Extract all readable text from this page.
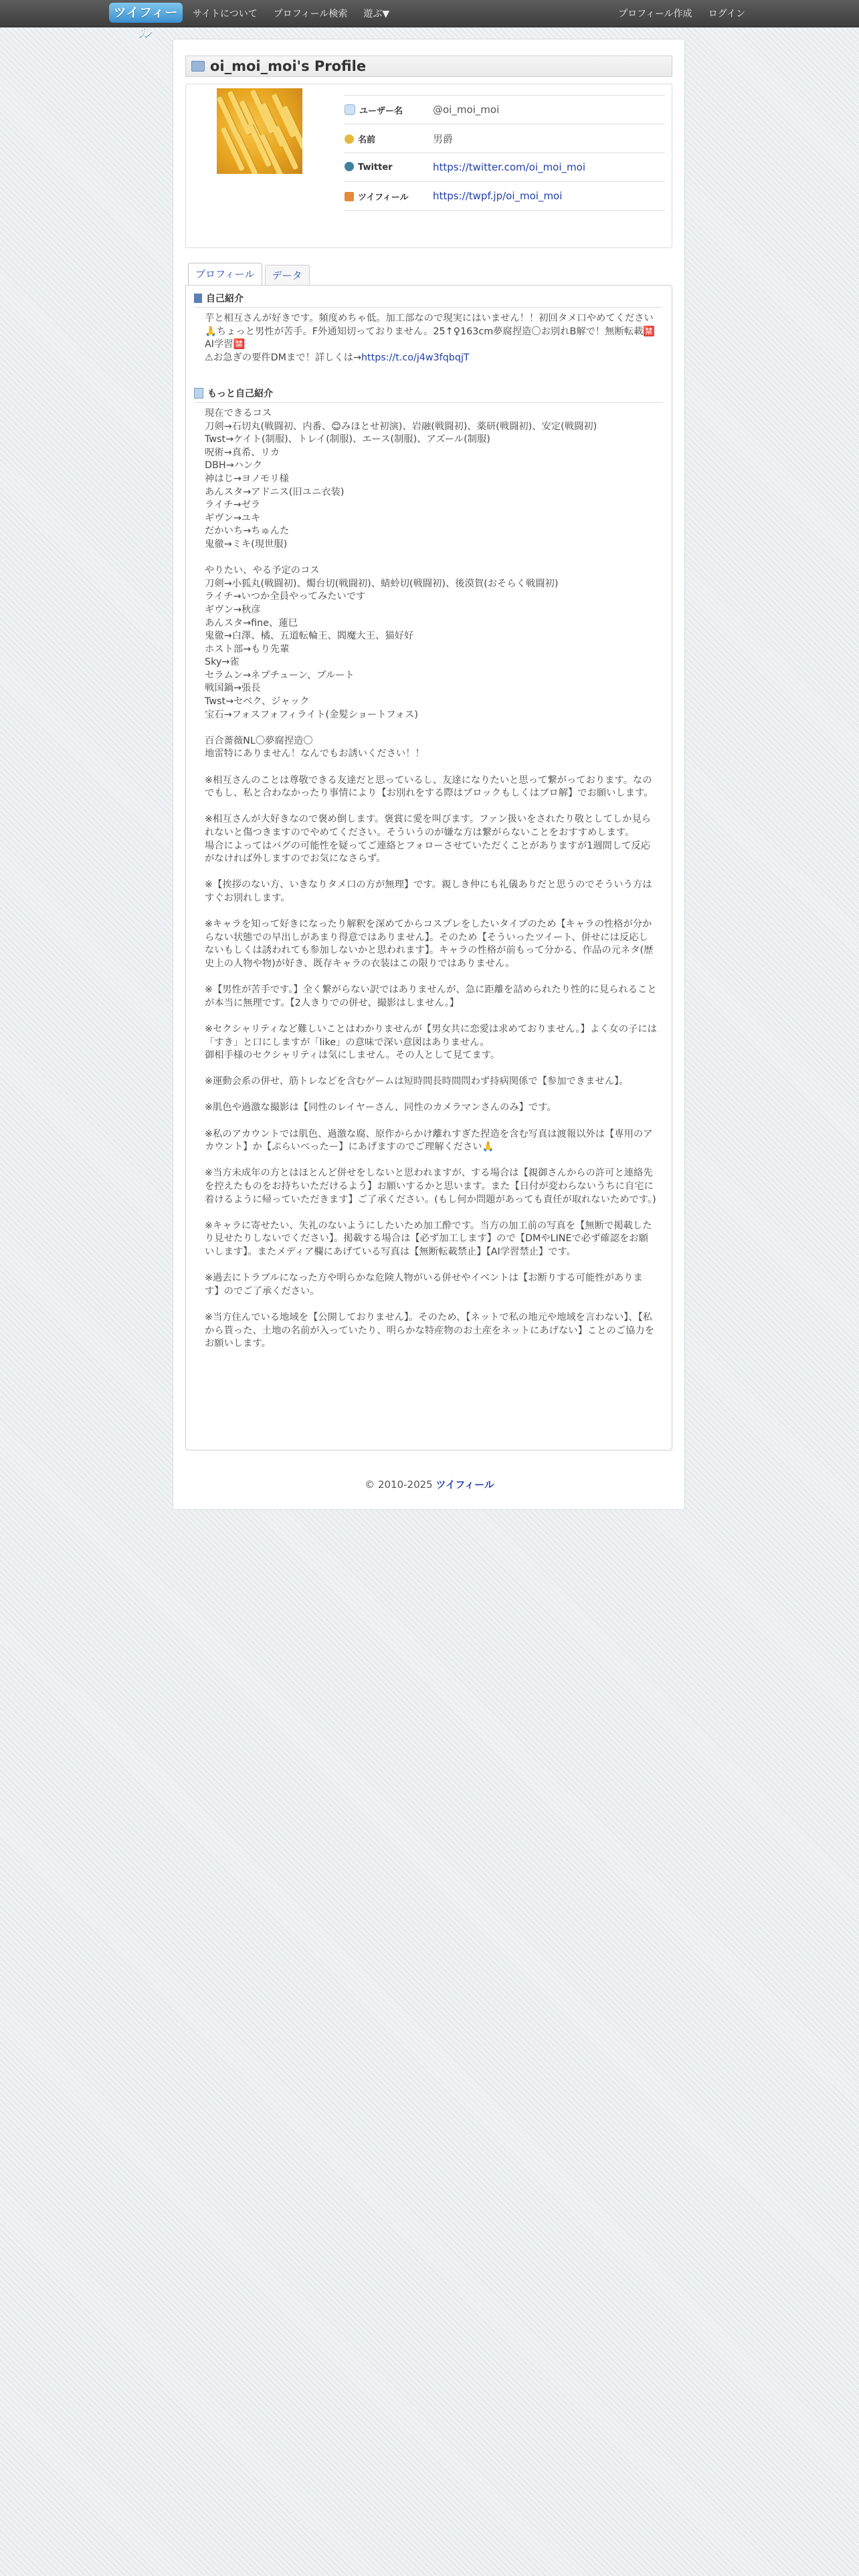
ツイフィール
サイトについて プロフィール検索 遊ぶ▼	プロフィール作成 ログイン
oi_moi_moi's Profile
ユーザー名	@oi_moi_moi
名前	男爵
Twitter	https://twitter.com/oi_moi_moi
ツイフィール	https://twpf.jp/oi_moi_moi
プロフィール	データ
自己紹介

芋と相互さんが好きです。頻度めちゃ低。加工部なので現実にはいません！！初回タメ口やめてください🙏ちょっと男性が苦手。F外通知切っておりません。25↑♀163cm夢腐捏造〇お別れB解で！無断転載🈲AI学習🈲
⚠お急ぎの要件DMまで！詳しくは→https://t.co/j4w3fqbqjT

もっと自己紹介

現在できるコス
刀剣→石切丸(戦闘初、内番、😊みほとせ初演)、岩融(戦闘初)、薬研(戦闘初)、安定(戦闘初)
Twst→ケイト(制服)、トレイ(制服)、エース(制服)、アズール(制服)
呪術→真希、リカ
DBH→ハンク
神はじ→ヨノモリ様
あんスタ→アドニス(旧ユニ衣装)
ライチ→ゼラ
ギヴン→ユキ
だかいち→ちゅんた
鬼徹→ミキ(現世服)

やりたい、やる予定のコス
刀剣→小狐丸(戦闘初)、燭台切(戦闘初)、蜻蛉切(戦闘初)、後漠賀(おそらく戦闘初)
ライチ→いつか全員やってみたいです
ギヴン→秋彦
あんスタ→fine、蓮巳
鬼徹→白澤、橘、五道転輪王、閻魔大王、猫好好
ホスト部→もり先輩
Sky→雀
セラムン→ネプチューン、プルート
戦国鍋→張長
Twst→セベク、ジャック
宝石→フォスフォフィライト(金髪ショートフォス)

百合薔薇NL〇夢腐捏造〇
地雷特にありません！なんでもお誘いください！！

※相互さんのことは尊敬できる友達だと思っているし、友達になりたいと思って繋がっております。なのでもし、私と合わなかったり事情により【お別れをする際はブロックもしくはブロ解】でお願いします。

※相互さんが大好きなので褒め倒します。褒賞に愛を叫びます。ファン扱いをされたり敬としてしか見られないと傷つきますのでやめてください。そういうのが嫌な方は繋がらないことをおすすめします。
場合によってはバグの可能性を疑ってご連絡とフォローさせていただくことがありますが1週間して反応がなければ外しますのでお気になさらず。

※【挨拶のない方、いきなりタメ口の方が無理】です。親しき仲にも礼儀ありだと思うのでそういう方はすぐお別れします。

※キャラを知って好きになったり解釈を深めてからコスプレをしたいタイプのため【キャラの性格が分からない状態での早出しがあまり得意ではありません】。そのため【そういったツイート、併せには反応しないもしくは誘われても参加しないかと思われます】。キャラの性格が前もって分かる、作品の元ネタ(歴史上の人物や物)が好き、既存キャラの衣装はこの限りではありません。

※【男性が苦手です。】全く繋がらない訳ではありませんが、急に距離を詰められたり性的に見られることが本当に無理です。【2人きりでの併せ、撮影はしません。】

※セクシャリティなど難しいことはわかりませんが【男女共に恋愛は求めておりません。】よく女の子には「すき」と口にしますが「like」の意味で深い意図はありません。
御相手様のセクシャリティは気にしません。その人として見てます。

※運動会系の併せ、筋トレなどを含むゲームは短時間長時間問わず持病関係で【参加できません】。

※肌色や過激な撮影は【同性のレイヤーさん、同性のカメラマンさんのみ】です。

※私のアカウントでは肌色、過激な腐、原作からかけ離れすぎた捏造を含む写真は渡報以外は【専用のアカウント】か【ぷらいべったー】にあげますのでご理解ください🙏

※当方未成年の方とはほとんど併せをしないと思われますが、する場合は【親御さんからの許可と連絡先を控えたものをお持ちいただけるよう】お願いするかと思います。また【日付が変わらないうちに自宅に着けるように帰っていただきます】ご了承ください。(もし何か問題があっても責任が取れないためです。)

※キャラに寄せたい、失礼のないようにしたいため加工酔です。当方の加工前の写真を【無断で掲載したり見せたりしないでください】。掲載する場合は【必ず加工します】ので【DMやLINEで必ず確認をお願いします】。またメディア欄にあげている写真は【無断転載禁止】【AI学習禁止】です。

※過去にトラブルになった方や明らかな危険人物がいる併せやイベントは【お断りする可能性があります】のでご了承ください。

※当方住んでいる地域を【公開しておりません】。そのため、【ネットで私の地元や地域を言わない】、【私から貰った、土地の名前が入っていたり、明らかな特産物のお土産をネットにあげない】ことのご協力をお願いします。

© 2010-2025 ツイフィール
